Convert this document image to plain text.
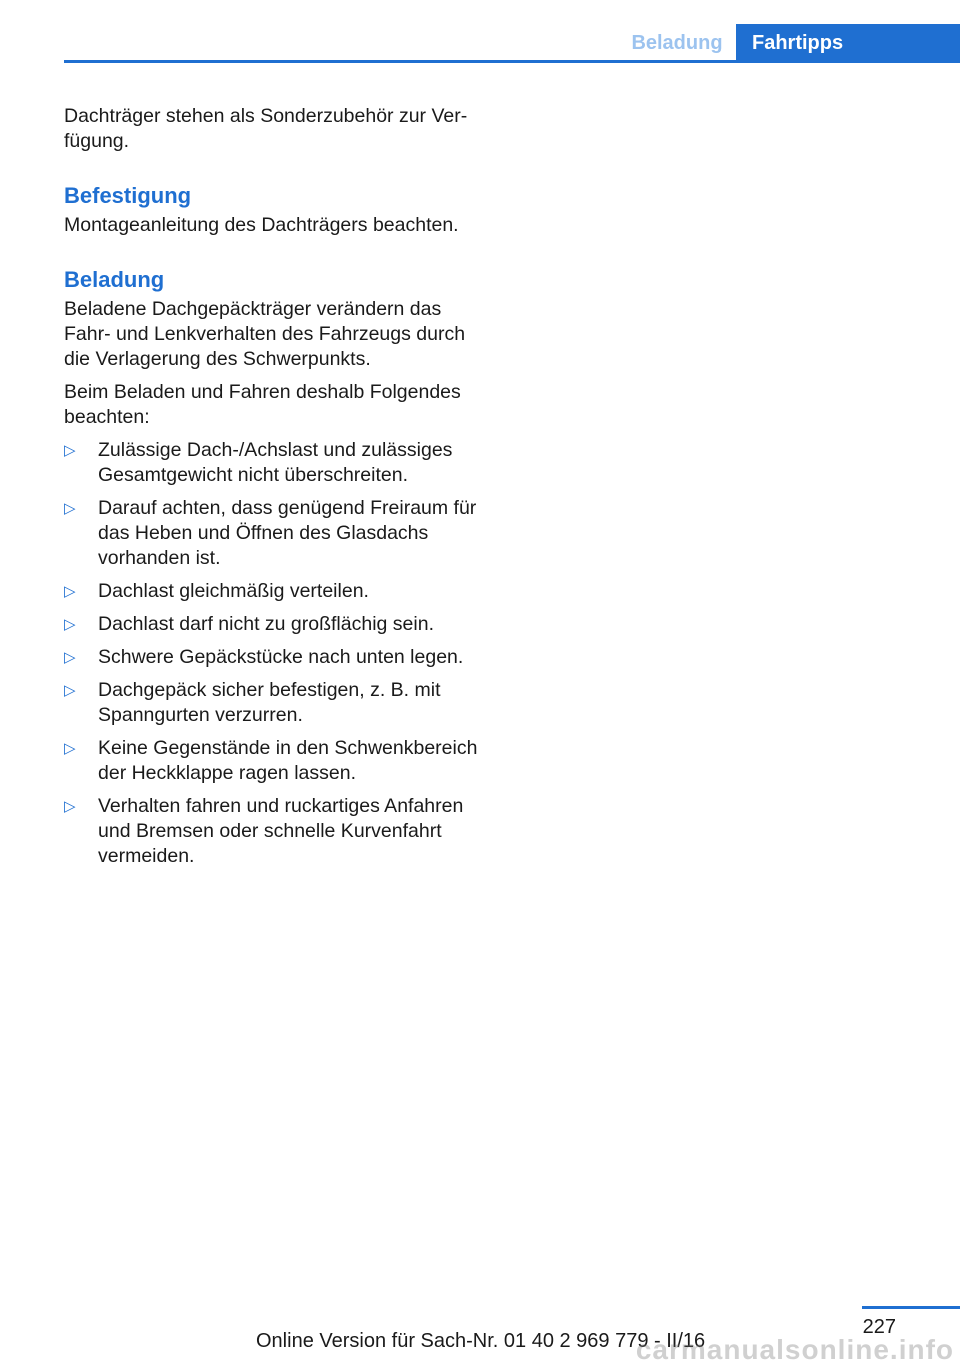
Beladung	Fahrtipps

Dachträger stehen als Sonderzubehör zur Verfügung.

Befestigung

Montageanleitung des Dachträgers beachten.

Beladung

Beladene Dachgepäckträger verändern das Fahr- und Lenkverhalten des Fahrzeugs durch die Verlagerung des Schwerpunkts.

Beim Beladen und Fahren deshalb Folgendes beachten:

▷ Zulässige Dach-/Achslast und zulässiges Gesamtgewicht nicht überschreiten.
▷ Darauf achten, dass genügend Freiraum für das Heben und Öffnen des Glasdachs vorhanden ist.
▷ Dachlast gleichmäßig verteilen.
▷ Dachlast darf nicht zu großflächig sein.
▷ Schwere Gepäckstücke nach unten legen.
▷ Dachgepäck sicher befestigen, z. B. mit Spanngurten verzurren.
▷ Keine Gegenstände in den Schwenkbereich der Heckklappe ragen lassen.
▷ Verhalten fahren und ruckartiges Anfahren und Bremsen oder schnelle Kurvenfahrt vermeiden.
227
Online Version für Sach-Nr. 01 40 2 969 779 - II/16
carmanualsonline.info
